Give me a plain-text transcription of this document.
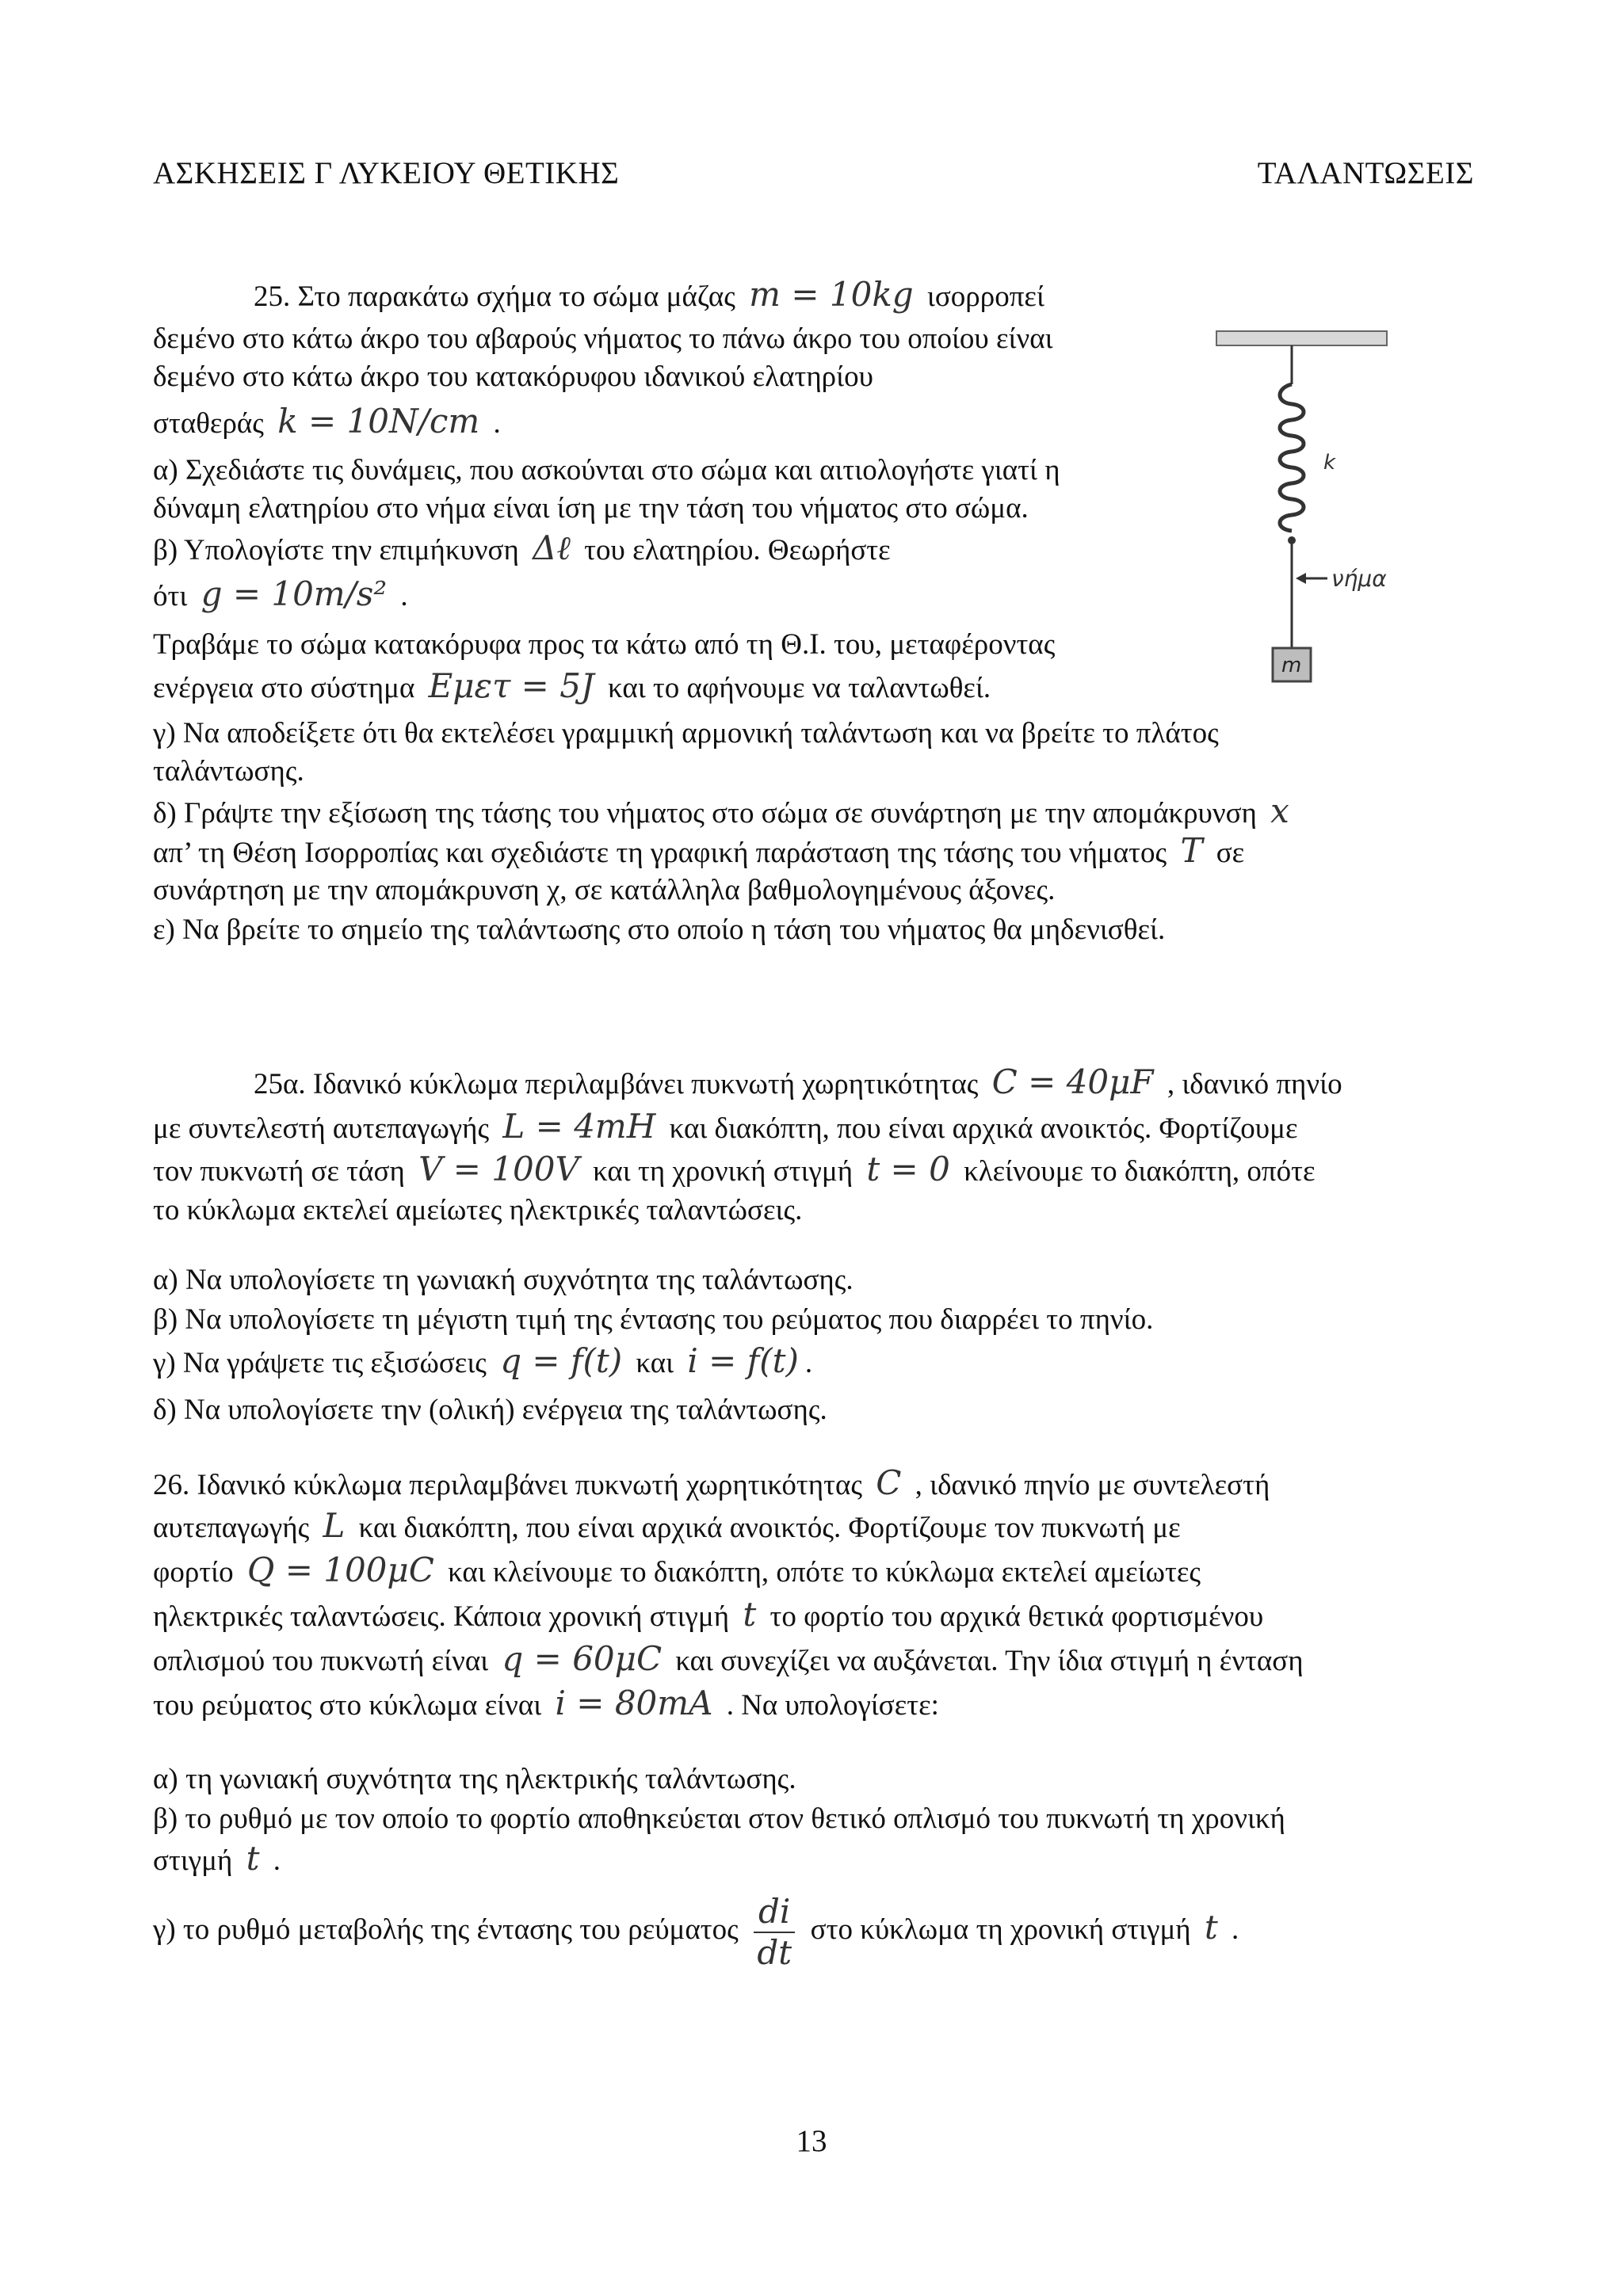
ΑΣΚΗΣΕΙΣ Γ ΛΥΚΕΙΟΥ ΘΕΤΙΚΗΣ	ΤΑΛΑΝΤΩΣΕΙΣ
25. Στο παρακάτω σχήμα το σώμα μάζας m = 10kg ισορροπεί
δεμένο στο κάτω άκρο του αβαρούς νήματος το πάνω άκρο του οποίου είναι
δεμένο στο κάτω άκρο του κατακόρυφου ιδανικού ελατηρίου
σταθεράς k = 10N/cm .
α) Σχεδιάστε τις δυνάμεις, που ασκούνται στο σώμα και αιτιολογήστε γιατί η
δύναμη ελατηρίου στο νήμα είναι ίση με την τάση του νήματος στο σώμα.
β) Υπολογίστε την επιμήκυνση Δℓ του ελατηρίου. Θεωρήστε
ότι g = 10m/s² .
Τραβάμε το σώμα κατακόρυφα προς τα κάτω από τη Θ.Ι. του, μεταφέροντας
ενέργεια στο σύστημα Eμετ = 5J και το αφήνουμε να ταλαντωθεί.
γ) Να αποδείξετε ότι θα εκτελέσει γραμμική αρμονική ταλάντωση και να βρείτε το πλάτος
ταλάντωσης.
δ) Γράψτε την εξίσωση της τάσης του νήματος στο σώμα σε συνάρτηση με την απομάκρυνση x
απ’ τη Θέση Ισορροπίας και σχεδιάστε τη γραφική παράσταση της τάσης του νήματος T σε
συνάρτηση με την απομάκρυνση χ, σε κατάλληλα βαθμολογημένους άξονες.
ε) Να βρείτε το σημείο της ταλάντωσης στο οποίο η τάση του νήματος θα μηδενισθεί.
k
νήμα
m
25α. Ιδανικό κύκλωμα περιλαμβάνει πυκνωτή χωρητικότητας C = 40μF , ιδανικό πηνίο
με συντελεστή αυτεπαγωγής L = 4mH και διακόπτη, που είναι αρχικά ανοικτός. Φορτίζουμε
τον πυκνωτή σε τάση V = 100V και τη χρονική στιγμή t = 0 κλείνουμε το διακόπτη, οπότε
το κύκλωμα εκτελεί αμείωτες ηλεκτρικές ταλαντώσεις.
α) Να υπολογίσετε τη γωνιακή συχνότητα της ταλάντωσης.
β) Να υπολογίσετε τη μέγιστη τιμή της έντασης του ρεύματος που διαρρέει το πηνίο.
γ) Να γράψετε τις εξισώσεις q = f(t) και i = f(t) .
δ) Να υπολογίσετε την (ολική) ενέργεια της ταλάντωσης.
26. Ιδανικό κύκλωμα περιλαμβάνει πυκνωτή χωρητικότητας C , ιδανικό πηνίο με συντελεστή
αυτεπαγωγής L και διακόπτη, που είναι αρχικά ανοικτός. Φορτίζουμε τον πυκνωτή με
φορτίο Q = 100μC και κλείνουμε το διακόπτη, οπότε το κύκλωμα εκτελεί αμείωτες
ηλεκτρικές ταλαντώσεις. Κάποια χρονική στιγμή t το φορτίο του αρχικά θετικά φορτισμένου
οπλισμού του πυκνωτή είναι q = 60μC και συνεχίζει να αυξάνεται. Την ίδια στιγμή η ένταση
του ρεύματος στο κύκλωμα είναι i = 80mA . Να υπολογίσετε:
α) τη γωνιακή συχνότητα της ηλεκτρικής ταλάντωσης.
β) το ρυθμό με τον οποίο το φορτίο αποθηκεύεται στον θετικό οπλισμό του πυκνωτή τη χρονική
στιγμή t .
γ) το ρυθμό μεταβολής της έντασης του ρεύματος $\frac{di}{dt}$ στο κύκλωμα τη χρονική στιγμή t .
13
